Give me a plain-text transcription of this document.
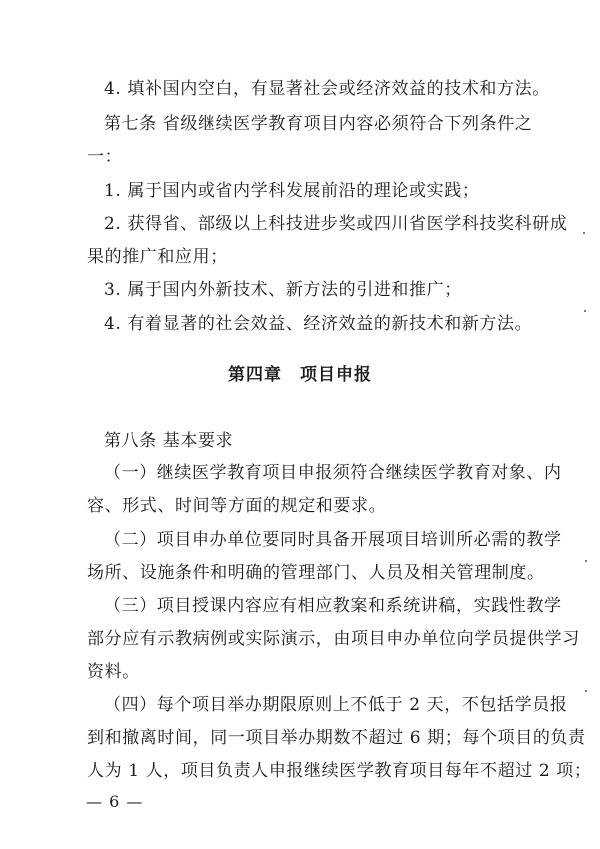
4. 填补国内空白，有显著社会或经济效益的技术和方法。
第七条 省级继续医学教育项目内容必须符合下列条件之
一：
1. 属于国内或省内学科发展前沿的理论或实践；
2. 获得省、部级以上科技进步奖或四川省医学科技奖科研成
果的推广和应用；
3. 属于国内外新技术、新方法的引进和推广；
4. 有着显著的社会效益、经济效益的新技术和新方法。
第四章 项目申报
第八条 基本要求
（一）继续医学教育项目申报须符合继续医学教育对象、内
容、形式、时间等方面的规定和要求。
（二）项目申办单位要同时具备开展项目培训所必需的教学
场所、设施条件和明确的管理部门、人员及相关管理制度。
（三）项目授课内容应有相应教案和系统讲稿，实践性教学
部分应有示教病例或实际演示，由项目申办单位向学员提供学习
资料。
（四）每个项目举办期限原则上不低于 2 天，不包括学员报
到和撤离时间，同一项目举办期数不超过 6 期；每个项目的负责
人为 1 人，项目负责人申报继续医学教育项目每年不超过 2 项；
— 6 —
